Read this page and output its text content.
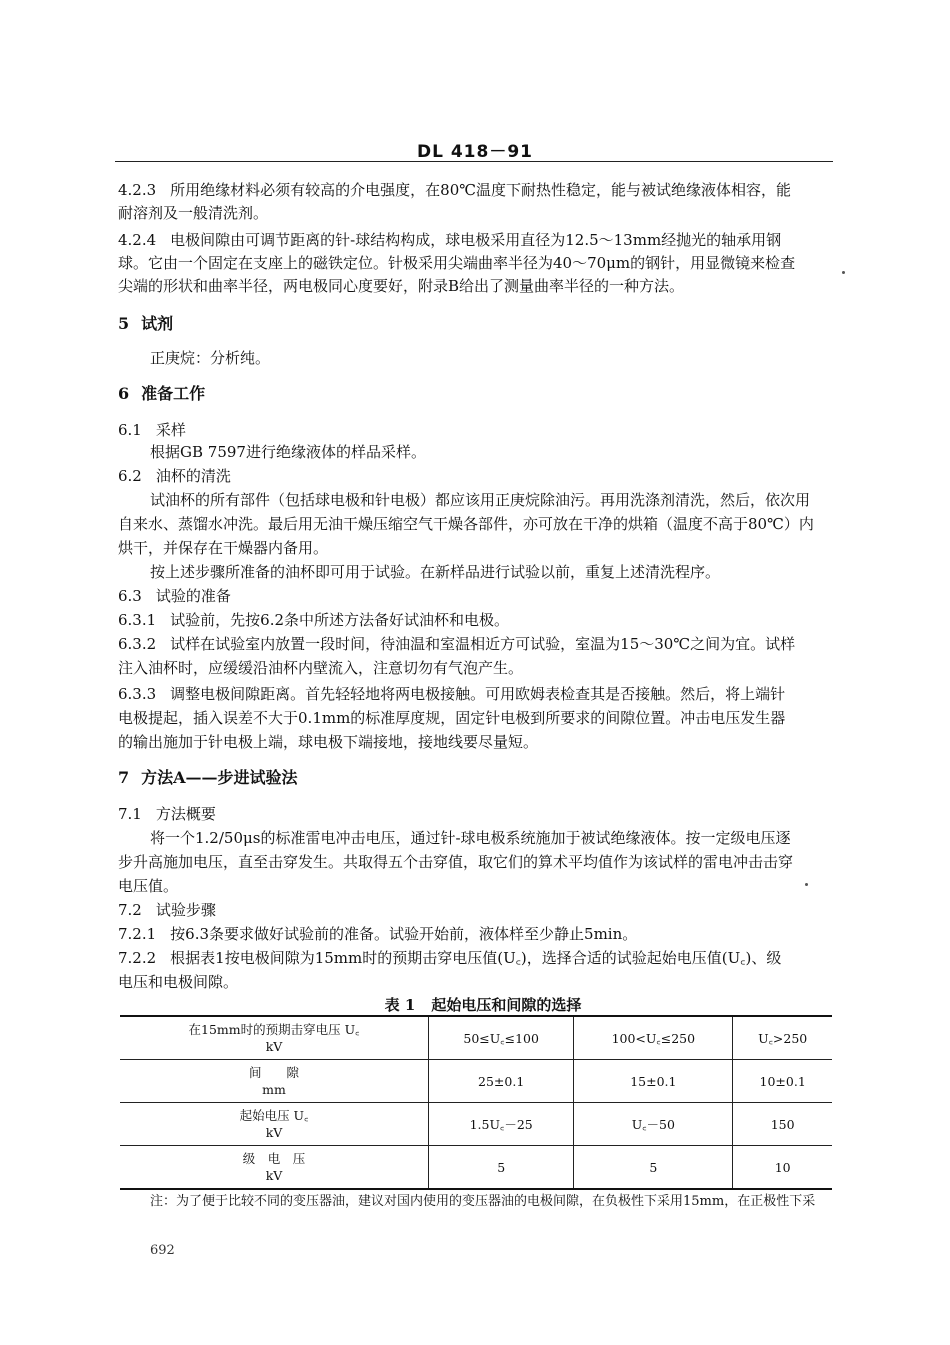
DL 418－91
4.2.3 所用绝缘材料必须有较高的介电强度，在80℃温度下耐热性稳定，能与被试绝缘液体相容，能
耐溶剂及一般清洗剂。
4.2.4 电极间隙由可调节距离的针-球结构构成，球电极采用直径为12.5～13mm经抛光的轴承用钢
球。它由一个固定在支座上的磁铁定位。针极采用尖端曲率半径为40～70μm的钢针，用显微镜来检查
尖端的形状和曲率半径，两电极同心度要好，附录B给出了测量曲率半径的一种方法。
5 试剂
正庚烷：分析纯。
6 准备工作
6.1 采样
根据GB 7597进行绝缘液体的样品采样。
6.2 油杯的清洗
试油杯的所有部件（包括球电极和针电极）都应该用正庚烷除油污。再用洗涤剂清洗，然后，依次用
自来水、蒸馏水冲洗。最后用无油干燥压缩空气干燥各部件，亦可放在干净的烘箱（温度不高于80℃）内
烘干，并保存在干燥器内备用。
按上述步骤所准备的油杯即可用于试验。在新样品进行试验以前，重复上述清洗程序。
6.3 试验的准备
6.3.1 试验前，先按6.2条中所述方法备好试油杯和电极。
6.3.2 试样在试验室内放置一段时间，待油温和室温相近方可试验，室温为15～30℃之间为宜。试样
注入油杯时，应缓缓沿油杯内壁流入，注意切勿有气泡产生。
6.3.3 调整电极间隙距离。首先轻轻地将两电极接触。可用欧姆表检查其是否接触。然后，将上端针
电极提起，插入误差不大于0.1mm的标准厚度规，固定针电极到所要求的间隙位置。冲击电压发生器
的输出施加于针电极上端，球电极下端接地，接地线要尽量短。
7 方法A——步进试验法
7.1 方法概要
将一个1.2/50μs的标准雷电冲击电压，通过针-球电极系统施加于被试绝缘液体。按一定级电压逐
步升高施加电压，直至击穿发生。共取得五个击穿值，取它们的算术平均值作为该试样的雷电冲击击穿
电压值。
7.2 试验步骤
7.2.1 按6.3条要求做好试验前的准备。试验开始前，液体样至少静止5min。
7.2.2 根据表1按电极间隙为15mm时的预期击穿电压值(U꜀)，选择合适的试验起始电压值(U꜀)、级
电压和电极间隙。
表 1 起始电压和间隙的选择
在15mm时的预期击穿电压 U꜀
kV	50≤U꜀≤100	100<U꜀≤250	U꜀>250

间　　隙
mm	25±0.1	15±0.1	10±0.1

起始电压 U꜀
kV	1.5U꜀－25	U꜀－50	150

级　电　压
kV	5	5	10
注：为了便于比较不同的变压器油，建议对国内使用的变压器油的电极间隙，在负极性下采用15mm，在正极性下采
692
